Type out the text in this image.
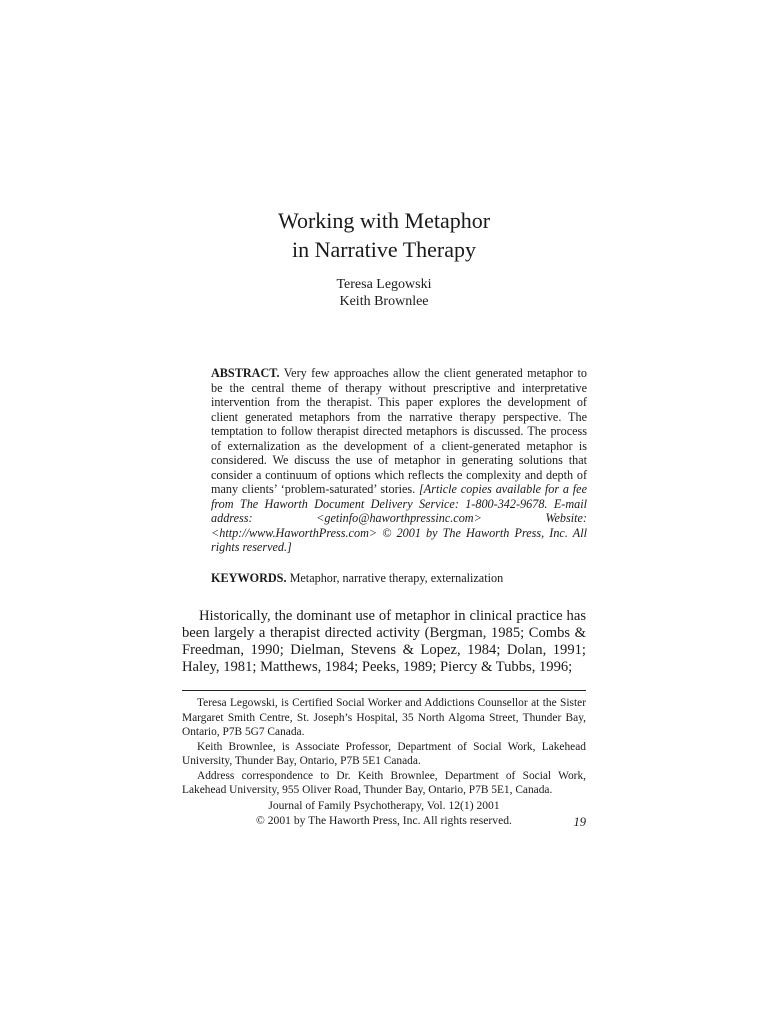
Working with Metaphor
in Narrative Therapy
Teresa Legowski
Keith Brownlee
ABSTRACT. Very few approaches allow the client generated metaphor to be the central theme of therapy without prescriptive and interpretative intervention from the therapist. This paper explores the development of client generated metaphors from the narrative therapy perspective. The temptation to follow therapist directed metaphors is discussed. The process of externalization as the development of a client-generated metaphor is considered. We discuss the use of metaphor in generating solutions that consider a continuum of options which reflects the complexity and depth of many clients’ ‘problem-saturated’ stories. [Article copies available for a fee from The Haworth Document Delivery Service: 1-800-342-9678. E-mail address: <getinfo@haworthpressinc.com> Website: <http://www.HaworthPress.com> © 2001 by The Haworth Press, Inc. All rights reserved.]
KEYWORDS. Metaphor, narrative therapy, externalization
Historically, the dominant use of metaphor in clinical practice has been largely a therapist directed activity (Bergman, 1985; Combs & Freedman, 1990; Dielman, Stevens & Lopez, 1984; Dolan, 1991; Haley, 1981; Matthews, 1984; Peeks, 1989; Piercy & Tubbs, 1996;

Teresa Legowski, is Certified Social Worker and Addictions Counsellor at the Sister Margaret Smith Centre, St. Joseph’s Hospital, 35 North Algoma Street, Thunder Bay, Ontario, P7B 5G7 Canada.

Keith Brownlee, is Associate Professor, Department of Social Work, Lakehead University, Thunder Bay, Ontario, P7B 5E1 Canada.

Address correspondence to Dr. Keith Brownlee, Department of Social Work, Lakehead University, 955 Oliver Road, Thunder Bay, Ontario, P7B 5E1, Canada.

Journal of Family Psychotherapy, Vol. 12(1) 2001
© 2001 by The Haworth Press, Inc. All rights reserved.	19
